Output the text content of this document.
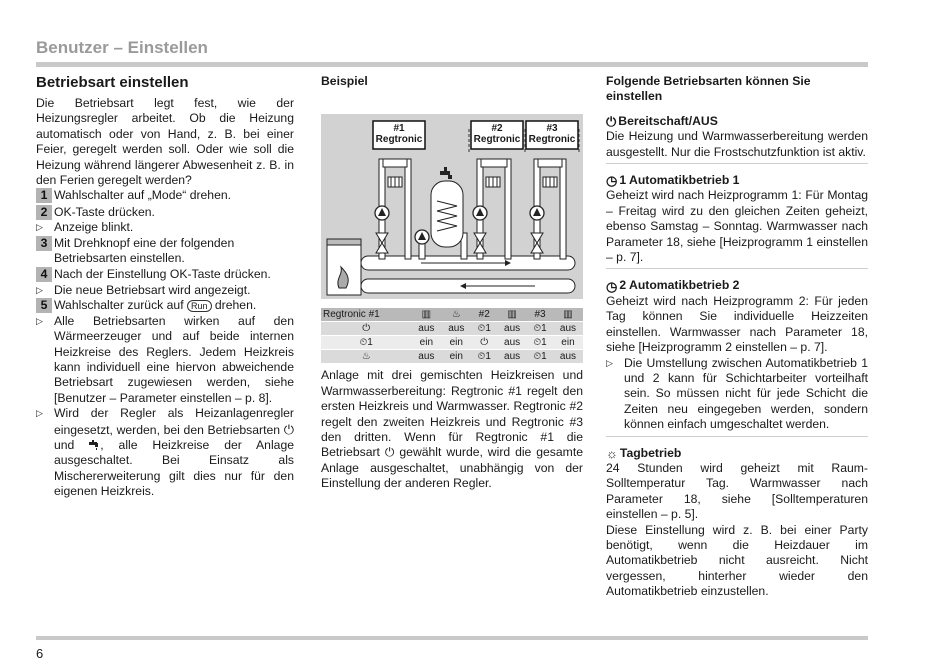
Benutzer – Einstellen
Betriebsart einstellen

Die Betriebsart legt fest, wie der Heizungsregler arbeitet. Ob die Heizung automatisch oder von Hand, z. B. bei einer Feier, geregelt werden soll. Oder wie soll die Heizung während längerer Abwesenheit z. B. in den Ferien geregelt werden?

1 Wahlschalter auf „Mode“ drehen.
2 OK-Taste drücken.
▷ Anzeige blinkt.
3 Mit Drehknopf eine der folgenden Betriebsarten einstellen.
4 Nach der Einstellung OK-Taste drücken.
▷ Die neue Betriebsart wird angezeigt.
5 Wahlschalter zurück auf Run drehen.
▷ Alle Betriebsarten wirken auf den Wärmeerzeuger und auf beide internen Heizkreise des Reglers. Jedem Heizkreis kann individuell eine hiervon abweichende Betriebsart zugewiesen werden, siehe [Benutzer – Parameter einstellen – p. 8].
▷ Wird der Regler als Heizanlagenregler eingesetzt, werden, bei den Betriebsarten ⏻ und , alle Heizkreise der Anlage ausgeschaltet. Bei Einsatz als Mischererweiterung gilt dies nur für den eigenen Heizkreis.
Beispiel
#1
Regtronic
#2
Regtronic
#3
Regtronic
Regtronic #1	▥	♨	#2	▥	#3	▥
⏻	aus	aus	⏲1	aus	⏲1	aus
⏲1	ein	ein	⏻	aus	⏲1	ein
♨	aus	ein	⏲1	aus	⏲1	aus

Anlage mit drei gemischten Heizkreisen und Warmwasserbereitung: Regtronic #1 regelt den ersten Heizkreis und Warmwasser. Regtronic #2 regelt den zweiten Heizkreis und Regtronic #3 den dritten. Wenn für Regtronic #1 die Betriebsart ⏻ gewählt wurde, wird die gesamte Anlage ausgeschaltet, unabhängig von der Einstellung der anderen Regler.

Folgende Betriebsarten können Sie einstellen
⏻ Bereitschaft/AUS

Die Heizung und Warmwasserbereitung werden ausgestellt. Nur die Frostschutzfunktion ist aktiv.

◷ 1 Automatikbetrieb 1

Geheizt wird nach Heizprogramm 1: Für Montag – Freitag wird zu den gleichen Zeiten geheizt, ebenso Samstag – Sonntag. Warmwasser nach Parameter 18, siehe [Heizprogramm 1 einstellen – p. 7].

◷ 2 Automatikbetrieb 2

Geheizt wird nach Heizprogramm 2: Für jeden Tag können Sie individuelle Heizzeiten einstellen. Warmwasser nach Parameter 18, siehe [Heizprogramm 2 einstellen – p. 7].

▷ Die Umstellung zwischen Automatikbetrieb 1 und 2 kann für Schichtarbeiter vorteilhaft sein. So müssen nicht für jede Schicht die Zeiten neu eingegeben werden, sondern können einfach umgeschaltet werden.
☼ Tagbetrieb

24 Stunden wird geheizt mit Raum-Solltemperatur Tag. Warmwasser nach Parameter 18, siehe [Solltemperaturen einstellen – p. 5].

Diese Einstellung wird z. B. bei einer Party benötigt, wenn die Heizdauer im Automatikbetrieb nicht ausreicht. Nicht vergessen, hinterher wieder den Automatikbetrieb einzustellen.

6
